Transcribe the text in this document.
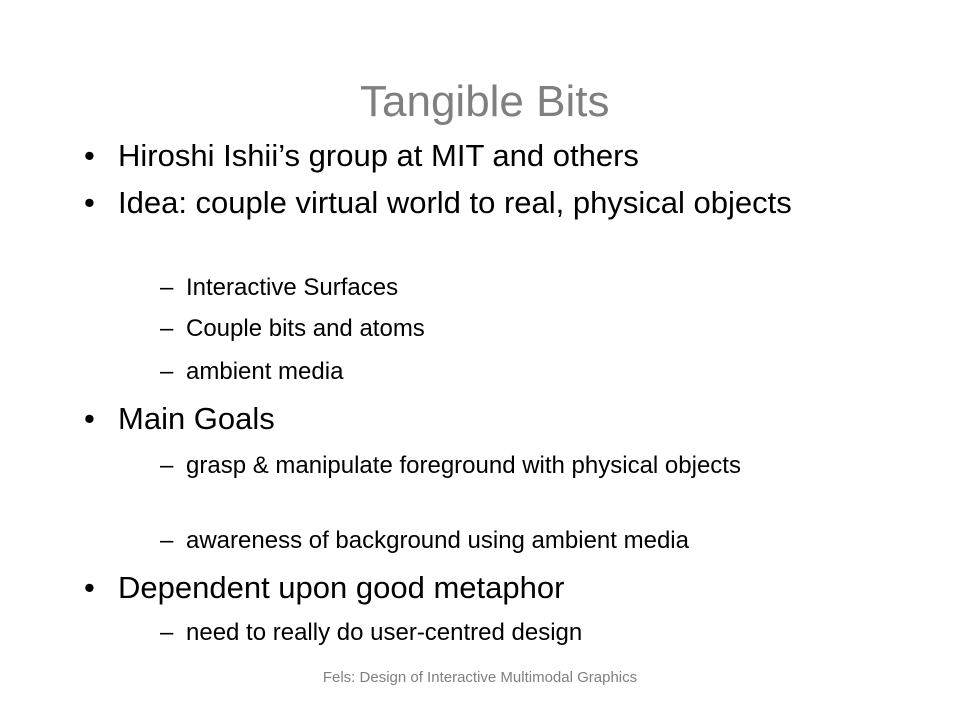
Tangible Bits
• Hiroshi Ishii’s group at MIT and others
• Idea: couple virtual world to real, physical objects
– Interactive Surfaces
– Couple bits and atoms
– ambient media
• Main Goals
– grasp & manipulate foreground with physical objects
– awareness of background using ambient media
• Dependent upon good metaphor
– need to really do user-centred design
Fels: Design of Interactive Multimodal Graphics
